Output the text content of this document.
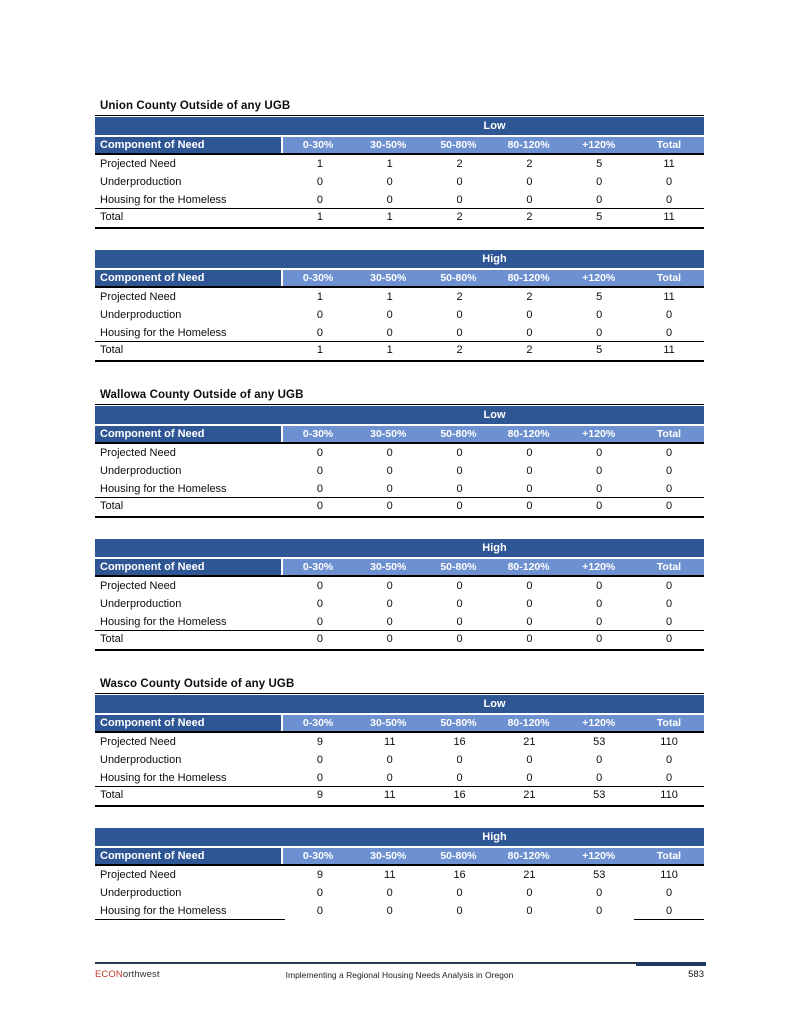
Union County Outside of any UGB
Low
Component of Need	0-30%	30-50%	50-80%	80-120%	+120%	Total
Projected Need	1	1	2	2	5	11
Underproduction	0	0	0	0	0	0
Housing for the Homeless	0	0	0	0	0	0
Total	1	1	2	2	5	11
High
Component of Need	0-30%	30-50%	50-80%	80-120%	+120%	Total
Projected Need	1	1	2	2	5	11
Underproduction	0	0	0	0	0	0
Housing for the Homeless	0	0	0	0	0	0
Total	1	1	2	2	5	11
Wallowa County Outside of any UGB
Low
Component of Need	0-30%	30-50%	50-80%	80-120%	+120%	Total
Projected Need	0	0	0	0	0	0
Underproduction	0	0	0	0	0	0
Housing for the Homeless	0	0	0	0	0	0
Total	0	0	0	0	0	0
High
Component of Need	0-30%	30-50%	50-80%	80-120%	+120%	Total
Projected Need	0	0	0	0	0	0
Underproduction	0	0	0	0	0	0
Housing for the Homeless	0	0	0	0	0	0
Total	0	0	0	0	0	0
Wasco County Outside of any UGB
Low
Component of Need	0-30%	30-50%	50-80%	80-120%	+120%	Total
Projected Need	9	11	16	21	53	110
Underproduction	0	0	0	0	0	0
Housing for the Homeless	0	0	0	0	0	0
Total	9	11	16	21	53	110
High
Component of Need	0-30%	30-50%	50-80%	80-120%	+120%	Total
Projected Need	9	11	16	21	53	110
Underproduction	0	0	0	0	0	0
Housing for the Homeless	0	0	0	0	0	0
ECONorthwest	Implementing a Regional Housing Needs Analysis in Oregon	583
